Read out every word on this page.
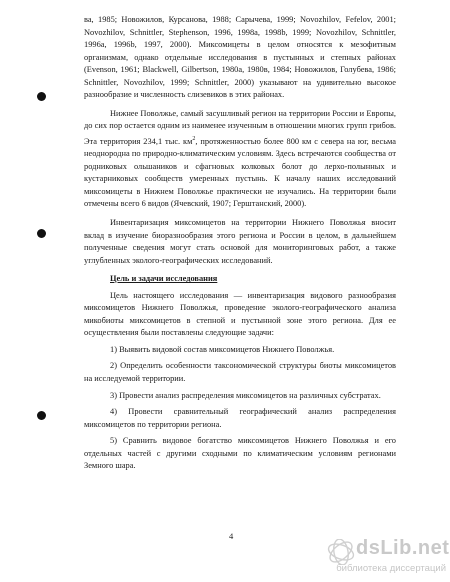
ва, 1985; Новожилов, Курсанова, 1988; Сарычева, 1999; Novozhilov, Fefelov, 2001; Novozhilov, Schnittler, Stephenson, 1996, 1998a, 1998b, 1999; Novozhilov, Schnittler, 1996a, 1996b, 1997, 2000). Миксомицеты в целом относятся к мезофитным организмам, однако отдельные исследования в пустынных и степных районах (Evenson, 1961; Blackwell, Gilbertson, 1980a, 1980в, 1984; Новожилов, Голубева, 1986; Schnittler, Novozhilov, 1999; Schnittler, 2000) указывают на удивительно высокое разнообразие и численность слизевиков в этих районах.

Нижнее Поволжье, самый засушливый регион на территории России и Европы, до сих пор остается одним из наименее изученным в отношении многих групп грибов. Эта территория 234,1 тыс. $км^2$, протяженностью более 800 км с севера на юг, весьма неоднородна по природно-климатическим условиям. Здесь встречаются сообщества от родниковых ольшаников и сфагновых колковых болот до лерхо-полынных и кустарниковых сообществ умеренных пустынь. К началу наших исследований миксомицеты в Нижнем Поволжье практически не изучались. На территории были отмечены всего 6 видов (Ячевский, 1907; Герштанский, 2000).

Инвентаризация миксомицетов на территории Нижнего Поволжья вносит вклад в изучение биоразнообразия этого региона и России в целом, в дальнейшем полученные сведения могут стать основой для мониторинговых работ, а также углубленных эколого-географических исследований.

Цель и задачи исследования

Цель настоящего исследования — инвентаризация видового разнообразия миксомицетов Нижнего Поволжья, проведение эколого-географического анализа микобиоты миксомицетов в степной и пустынной зоне этого региона. Для ее осуществления были поставлены следующие задачи:

1) Выявить видовой состав миксомицетов Нижнего Поволжья.

2) Определить особенности таксономической структуры биоты миксомицетов на исследуемой территории.

3) Провести анализ распределения миксомицетов на различных субстратах.

4) Провести сравнительный географический анализ распределения миксомицетов по территории региона.

5) Сравнить видовое богатство миксомицетов Нижнего Поволжья и его отдельных частей с другими сходными по климатическим условиям регионами Земного шара.

4
dsLib.net
библиотека диссертаций
